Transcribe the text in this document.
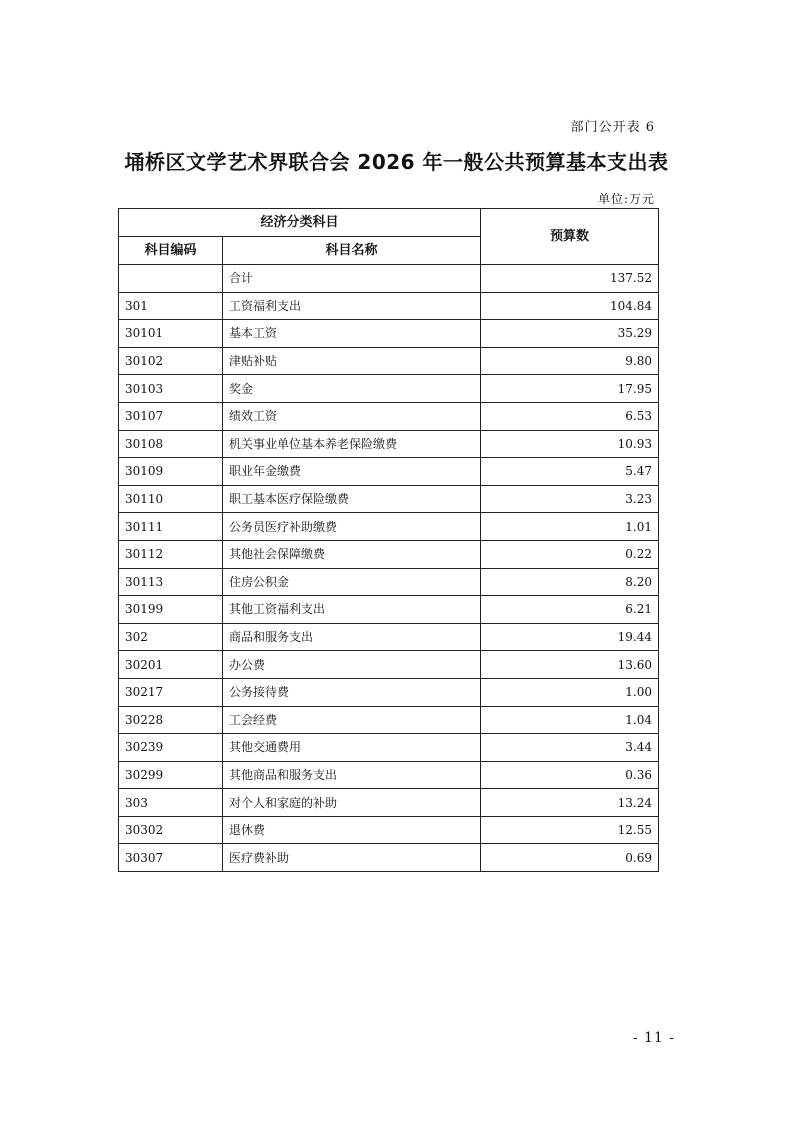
部门公开表 6
埇桥区文学艺术界联合会 2026 年一般公共预算基本支出表
单位:万元
经济分类科目		预算数
科目编码	科目名称	
	合计	137.52
301	工资福利支出	104.84
30101	基本工资	35.29
30102	津贴补贴	9.80
30103	奖金	17.95
30107	绩效工资	6.53
30108	机关事业单位基本养老保险缴费	10.93
30109	职业年金缴费	5.47
30110	职工基本医疗保险缴费	3.23
30111	公务员医疗补助缴费	1.01
30112	其他社会保障缴费	0.22
30113	住房公积金	8.20
30199	其他工资福利支出	6.21
302	商品和服务支出	19.44
30201	办公费	13.60
30217	公务接待费	1.00
30228	工会经费	1.04
30239	其他交通费用	3.44
30299	其他商品和服务支出	0.36
303	对个人和家庭的补助	13.24
30302	退休费	12.55
30307	医疗费补助	0.69
- 11 -
